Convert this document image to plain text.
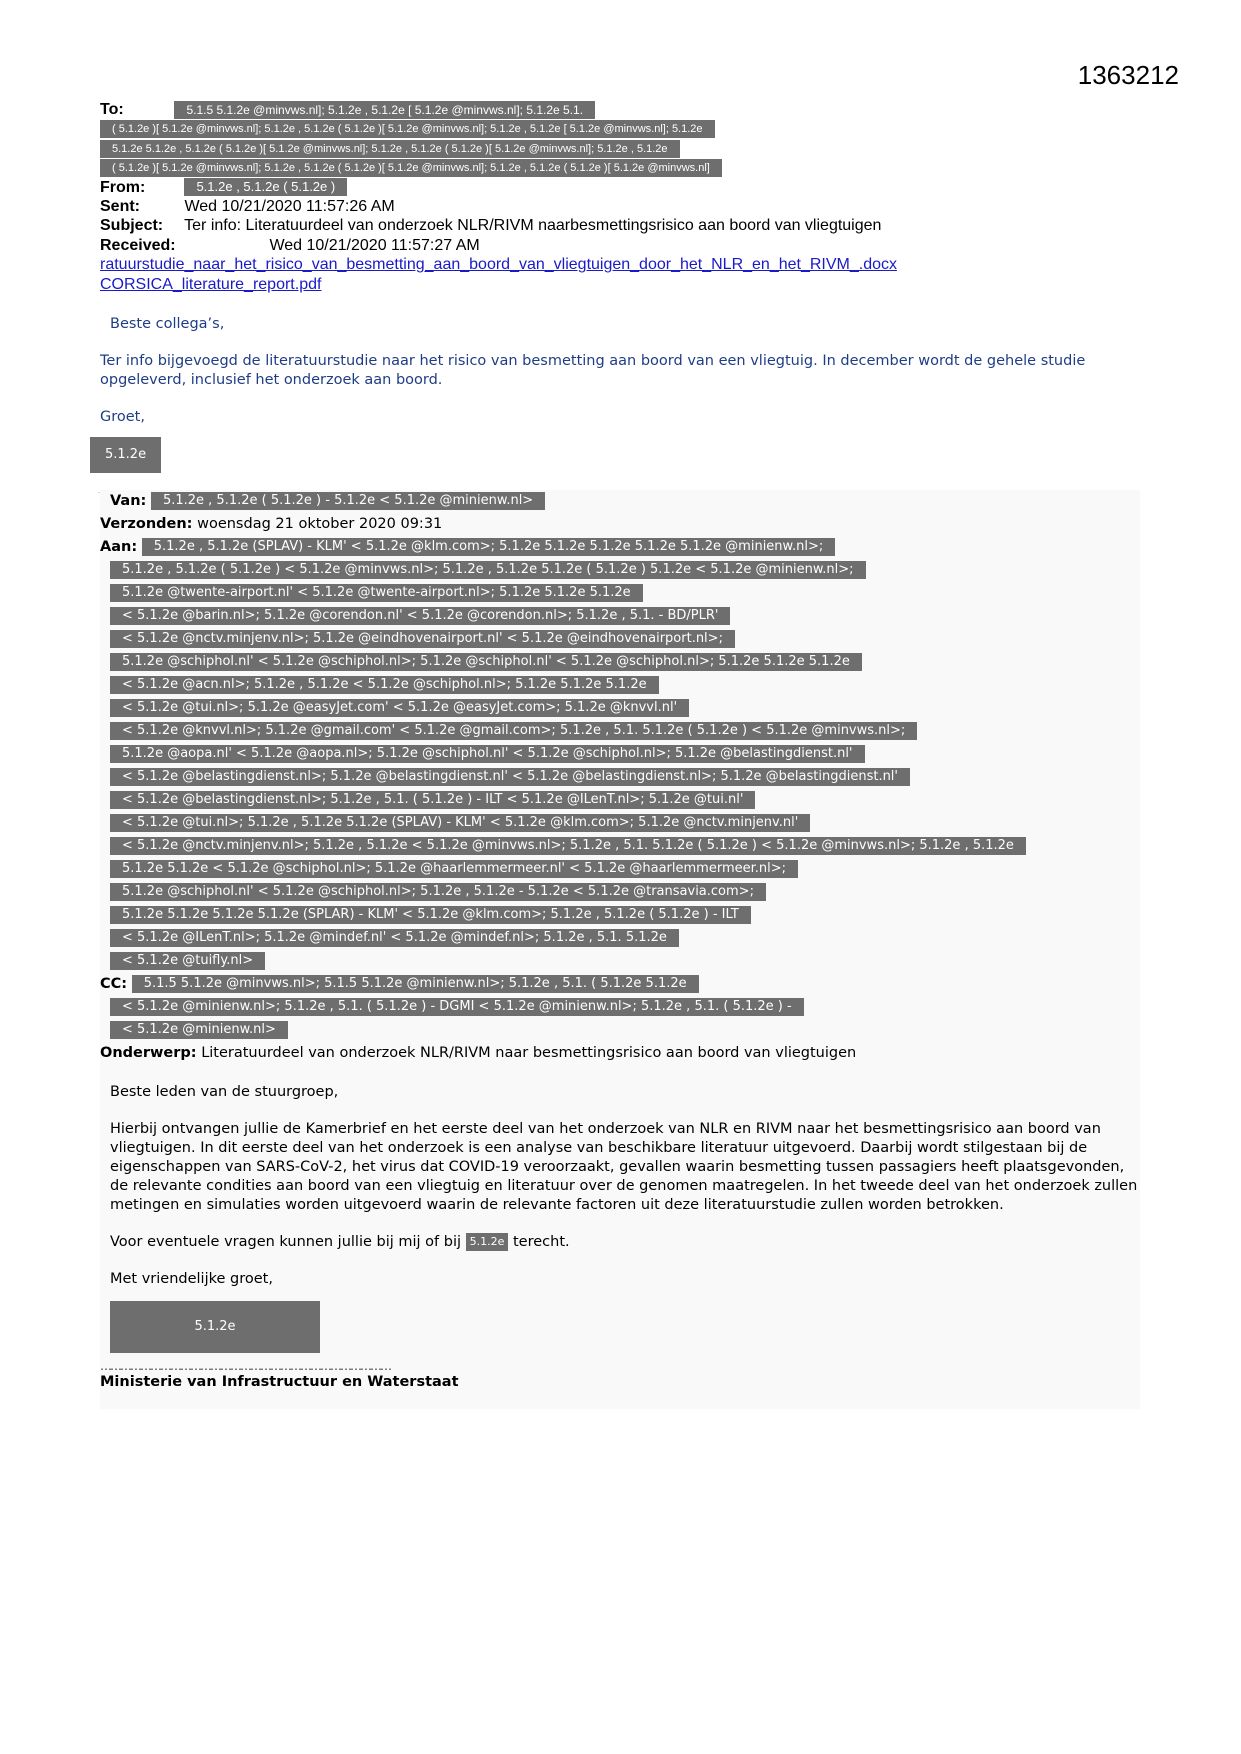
1363212
To:	5.1.5 5.1.2e @minvws.nl]; 5.1.2e , 5.1.2e [ 5.1.2e @minvws.nl]; 5.1.2e 5.1.
( 5.1.2e )[ 5.1.2e @minvws.nl]; 5.1.2e , 5.1.2e ( 5.1.2e )[ 5.1.2e @minvws.nl]; 5.1.2e , 5.1.2e [ 5.1.2e @minvws.nl]; 5.1.2e
5.1.2e 5.1.2e , 5.1.2e ( 5.1.2e )[ 5.1.2e @minvws.nl]; 5.1.2e , 5.1.2e ( 5.1.2e )[ 5.1.2e @minvws.nl]; 5.1.2e , 5.1.2e
( 5.1.2e )[ 5.1.2e @minvws.nl]; 5.1.2e , 5.1.2e ( 5.1.2e )[ 5.1.2e @minvws.nl]; 5.1.2e , 5.1.2e ( 5.1.2e )[ 5.1.2e @minvws.nl]
From:	5.1.2e , 5.1.2e ( 5.1.2e )
Sent:	Wed 10/21/2020 11:57:26 AM
Subject: Ter info: Literatuurdeel van onderzoek NLR/RIVM naarbesmettingsrisico aan boord van vliegtuigen
Received:	Wed 10/21/2020 11:57:27 AM
ratuurstudie_naar_het_risico_van_besmetting_aan_boord_van_vliegtuigen_door_het_NLR_en_het_RIVM_.docx
CORSICA_literature_report.pdf

Beste collega’s,

Ter info bijgevoegd de literatuurstudie naar het risico van besmetting aan boord van een vliegtuig. In december wordt de gehele studie opgeleverd, inclusief het onderzoek aan boord.

Groet,

5.1.2e
Van: 5.1.2e , 5.1.2e ( 5.1.2e ) - 5.1.2e < 5.1.2e @minienw.nl>
Verzonden: woensdag 21 oktober 2020 09:31
Aan: 5.1.2e , 5.1.2e (SPLAV) - KLM' < 5.1.2e @klm.com>; 5.1.2e 5.1.2e 5.1.2e 5.1.2e 5.1.2e @minienw.nl>;
5.1.2e , 5.1.2e ( 5.1.2e ) < 5.1.2e @minvws.nl>; 5.1.2e , 5.1.2e 5.1.2e ( 5.1.2e ) 5.1.2e < 5.1.2e @minienw.nl>;
5.1.2e @twente-airport.nl' < 5.1.2e @twente-airport.nl>; 5.1.2e 5.1.2e 5.1.2e
< 5.1.2e @barin.nl>; 5.1.2e @corendon.nl' < 5.1.2e @corendon.nl>; 5.1.2e , 5.1. - BD/PLR'
< 5.1.2e @nctv.minjenv.nl>; 5.1.2e @eindhovenairport.nl' < 5.1.2e @eindhovenairport.nl>;
5.1.2e @schiphol.nl' < 5.1.2e @schiphol.nl>; 5.1.2e @schiphol.nl' < 5.1.2e @schiphol.nl>; 5.1.2e 5.1.2e 5.1.2e
< 5.1.2e @acn.nl>; 5.1.2e , 5.1.2e < 5.1.2e @schiphol.nl>; 5.1.2e 5.1.2e 5.1.2e
< 5.1.2e @tui.nl>; 5.1.2e @easyJet.com' < 5.1.2e @easyJet.com>; 5.1.2e @knvvl.nl'
< 5.1.2e @knvvl.nl>; 5.1.2e @gmail.com' < 5.1.2e @gmail.com>; 5.1.2e , 5.1. 5.1.2e ( 5.1.2e ) < 5.1.2e @minvws.nl>;
5.1.2e @aopa.nl' < 5.1.2e @aopa.nl>; 5.1.2e @schiphol.nl' < 5.1.2e @schiphol.nl>; 5.1.2e @belastingdienst.nl'
< 5.1.2e @belastingdienst.nl>; 5.1.2e @belastingdienst.nl' < 5.1.2e @belastingdienst.nl>; 5.1.2e @belastingdienst.nl'
< 5.1.2e @belastingdienst.nl>; 5.1.2e , 5.1. ( 5.1.2e ) - ILT < 5.1.2e @ILenT.nl>; 5.1.2e @tui.nl'
< 5.1.2e @tui.nl>; 5.1.2e , 5.1.2e 5.1.2e (SPLAV) - KLM' < 5.1.2e @klm.com>; 5.1.2e @nctv.minjenv.nl'
< 5.1.2e @nctv.minjenv.nl>; 5.1.2e , 5.1.2e < 5.1.2e @minvws.nl>; 5.1.2e , 5.1. 5.1.2e ( 5.1.2e ) < 5.1.2e @minvws.nl>; 5.1.2e , 5.1.2e
5.1.2e 5.1.2e < 5.1.2e @schiphol.nl>; 5.1.2e @haarlemmermeer.nl' < 5.1.2e @haarlemmermeer.nl>;
5.1.2e @schiphol.nl' < 5.1.2e @schiphol.nl>; 5.1.2e , 5.1.2e - 5.1.2e < 5.1.2e @transavia.com>;
5.1.2e 5.1.2e 5.1.2e 5.1.2e (SPLAR) - KLM' < 5.1.2e @klm.com>; 5.1.2e , 5.1.2e ( 5.1.2e ) - ILT
< 5.1.2e @ILenT.nl>; 5.1.2e @mindef.nl' < 5.1.2e @mindef.nl>; 5.1.2e , 5.1. 5.1.2e
< 5.1.2e @tuifly.nl>
CC: 5.1.5 5.1.2e @minvws.nl>; 5.1.5 5.1.2e @minienw.nl>; 5.1.2e , 5.1. ( 5.1.2e 5.1.2e
< 5.1.2e @minienw.nl>; 5.1.2e , 5.1. ( 5.1.2e ) - DGMI < 5.1.2e @minienw.nl>; 5.1.2e , 5.1. ( 5.1.2e ) -
< 5.1.2e @minienw.nl>
Onderwerp: Literatuurdeel van onderzoek NLR/RIVM naar besmettingsrisico aan boord van vliegtuigen

Beste leden van de stuurgroep,

Hierbij ontvangen jullie de Kamerbrief en het eerste deel van het onderzoek van NLR en RIVM naar het besmettingsrisico aan boord van vliegtuigen. In dit eerste deel van het onderzoek is een analyse van beschikbare literatuur uitgevoerd. Daarbij wordt stilgestaan bij de eigenschappen van SARS-CoV-2, het virus dat COVID-19 veroorzaakt, gevallen waarin besmetting tussen passagiers heeft plaatsgevonden, de relevante condities aan boord van een vliegtuig en literatuur over de genomen maatregelen. In het tweede deel van het onderzoek zullen metingen en simulaties worden uitgevoerd waarin de relevante factoren uit deze literatuurstudie zullen worden betrokken.

Voor eventuele vragen kunnen jullie bij mij of bij 5.1.2e terecht.

Met vriendelijke groet,

5.1.2e
……………………………………………………………………………
Ministerie van Infrastructuur en Waterstaat
